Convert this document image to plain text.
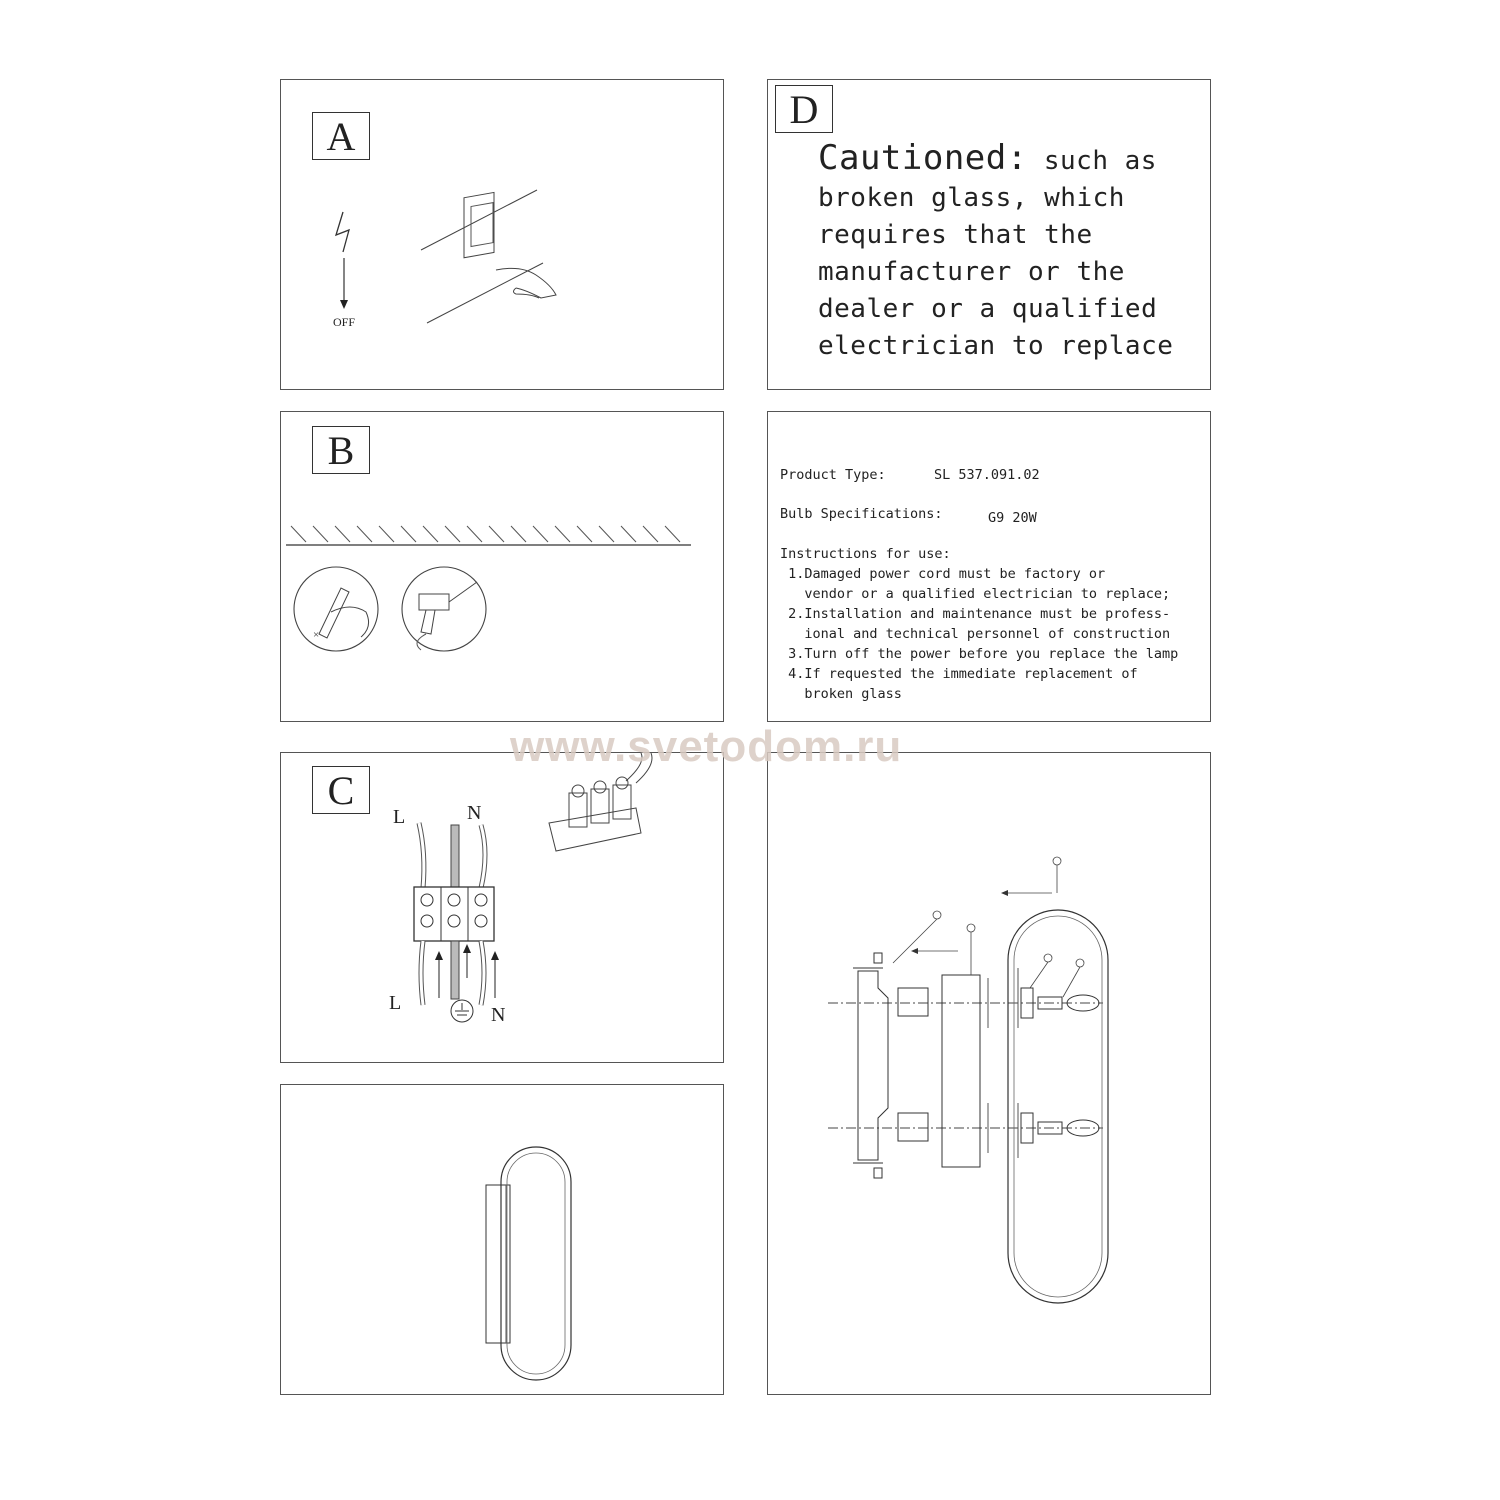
A
OFF
D
Cautioned: such as
broken glass, which
requires that the
manufacturer or the
dealer or a qualified
electrician to replace
B
×
Product Type:	SL 537.091.02
Bulb Specifications:	G9 20W
Instructions for use:
1.Damaged power cord must be factory or
vendor or a qualified electrician to replace;
2.Installation and maintenance must be profess-
ional and technical personnel of construction
3.Turn off the power before you replace the lamp
4.If requested the immediate replacement of
broken glass
C
L	N
L
N
www.svetodom.ru
